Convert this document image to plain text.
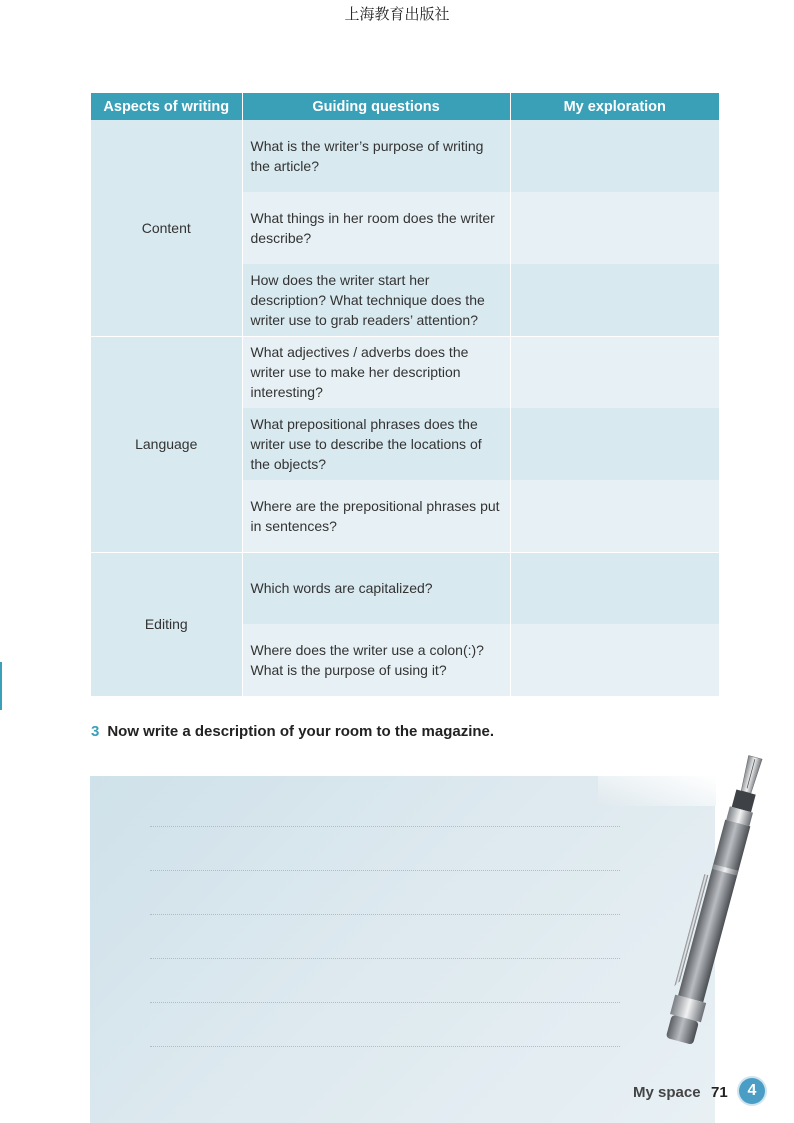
上海教育出版社
Aspects of writing	Guiding questions	My exploration
Content	What is the writer’s purpose of writing the article?	
	What things in her room does the writer describe?	
	How does the writer start her description? What technique does the writer use to grab readers’ attention?	
Language	What adjectives / adverbs does the writer use to make her description interesting?	
	What prepositional phrases does the writer use to describe the locations of the objects?	
	Where are the prepositional phrases put in sentences?	
Editing	Which words are capitalized?	
	Where does the writer use a colon(:)? What is the purpose of using it?	
3 Now write a description of your room to the magazine.
My space 71	4
